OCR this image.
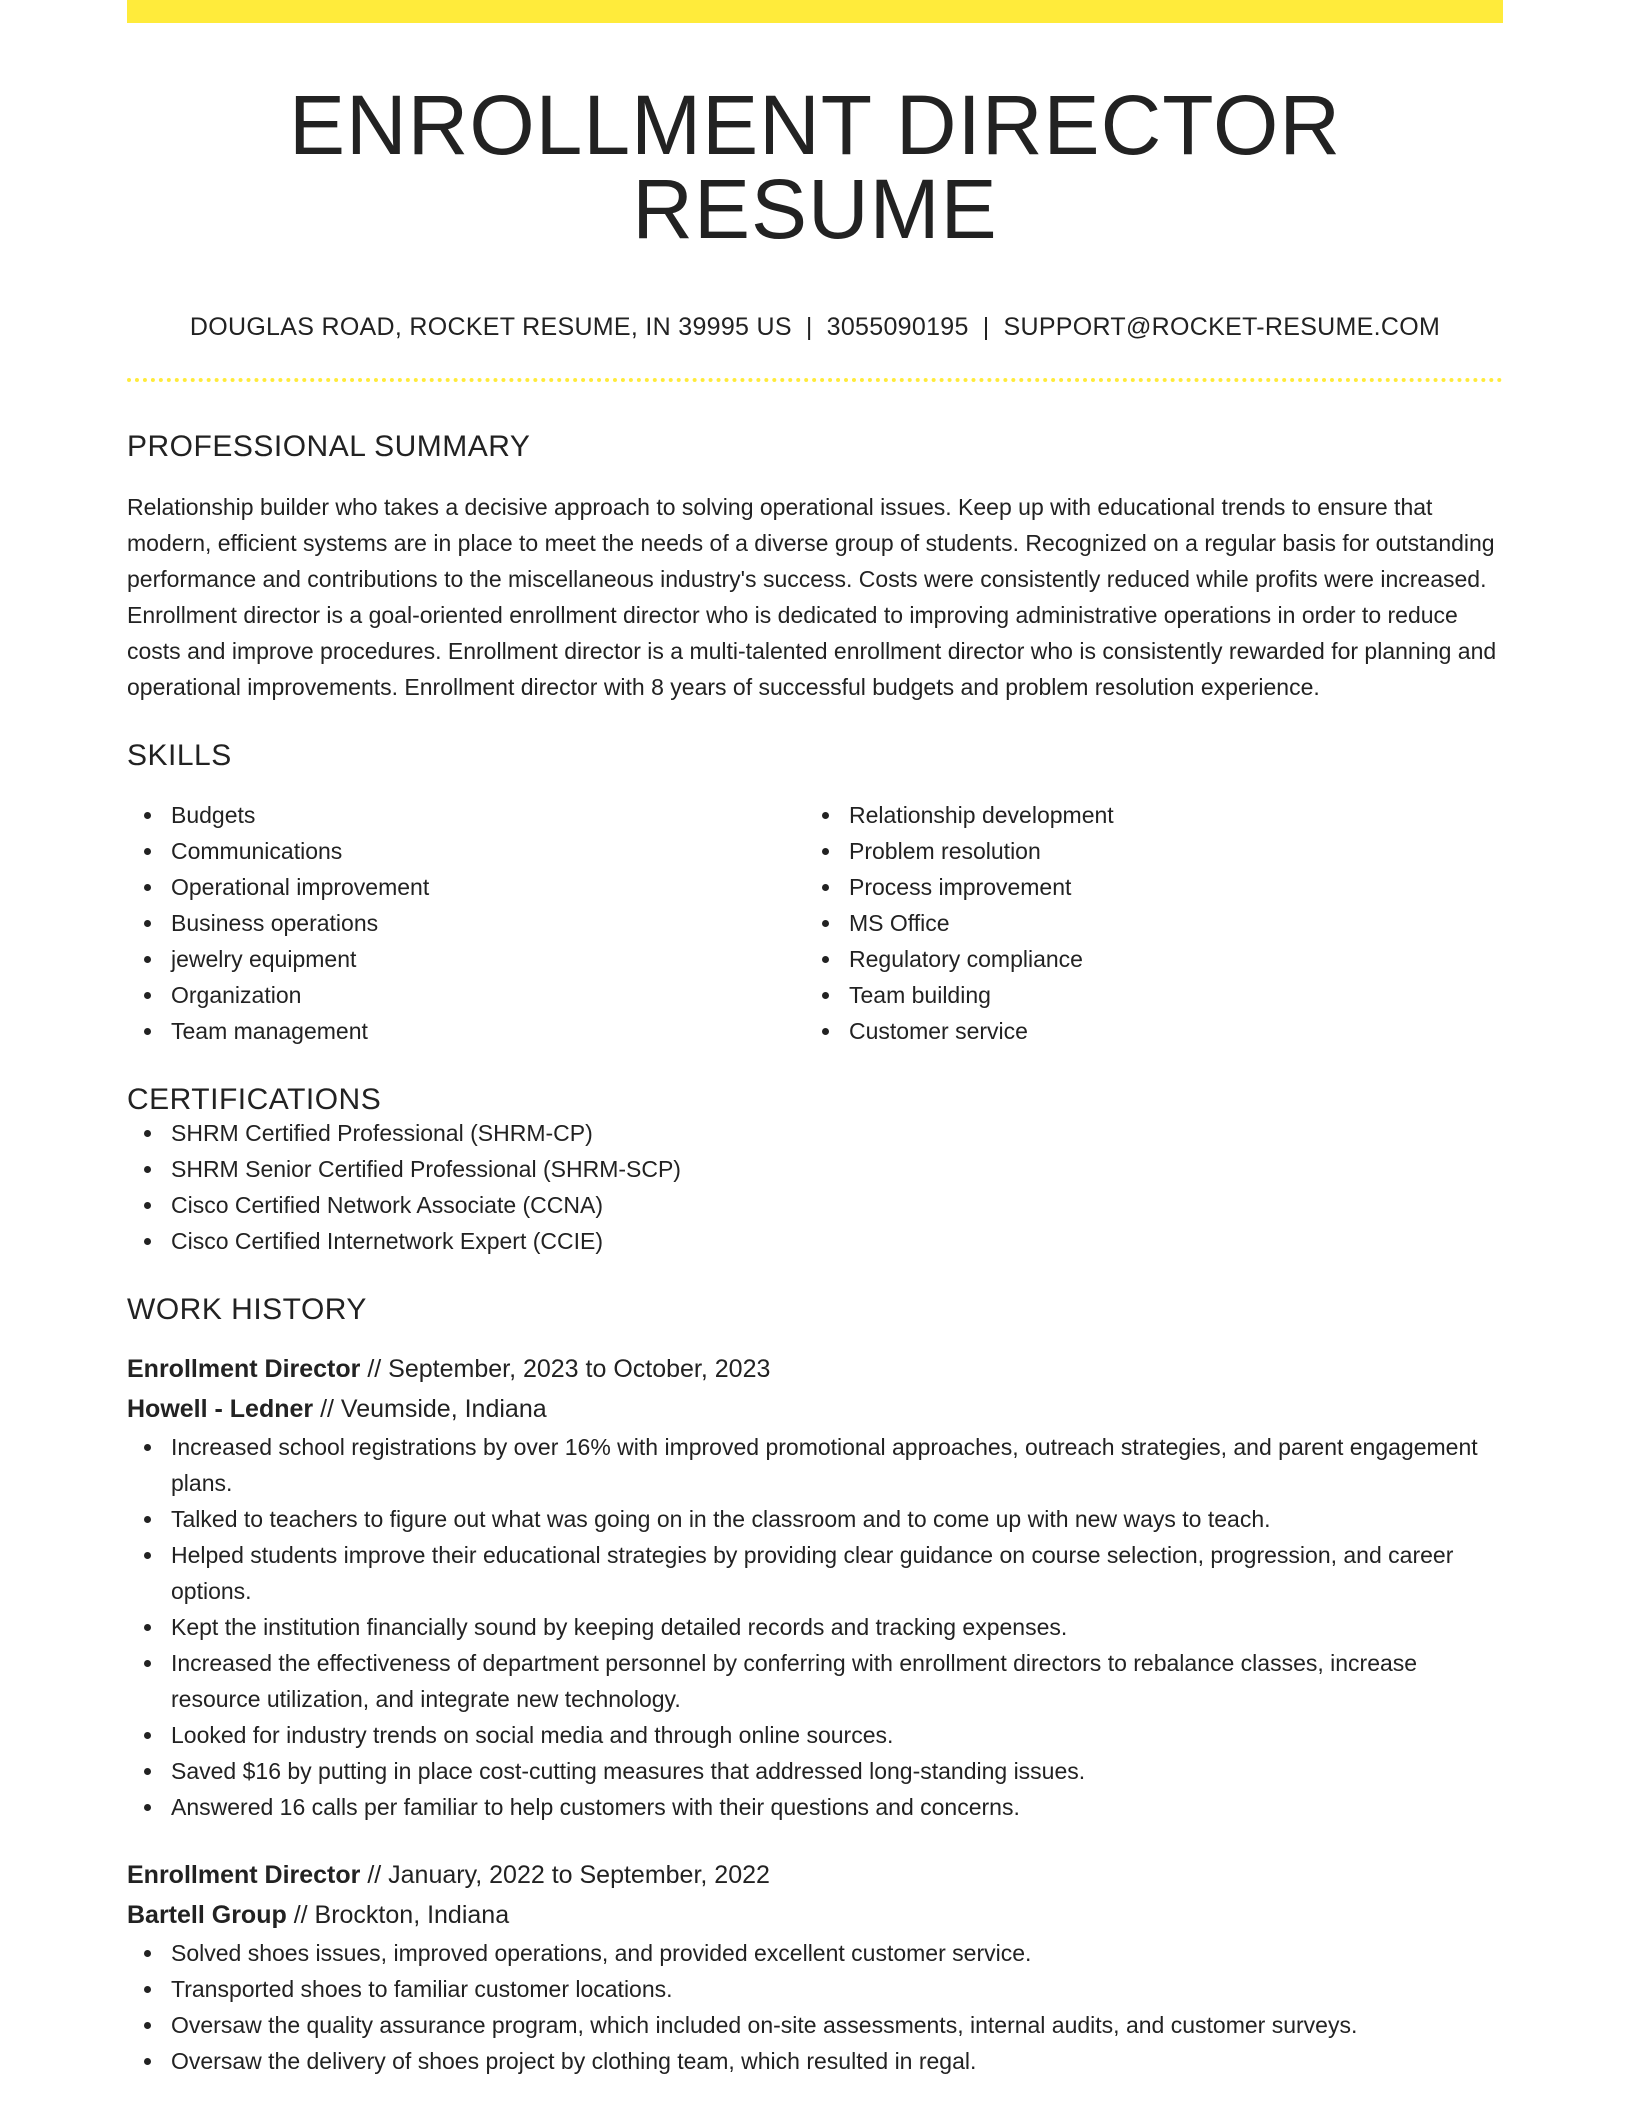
ENROLLMENT DIRECTOR RESUME
DOUGLAS ROAD, ROCKET RESUME, IN 39995 US | 3055090195 | SUPPORT@ROCKET-RESUME.COM
PROFESSIONAL SUMMARY

Relationship builder who takes a decisive approach to solving operational issues. Keep up with educational trends to ensure that modern, efficient systems are in place to meet the needs of a diverse group of students. Recognized on a regular basis for outstanding performance and contributions to the miscellaneous industry's success. Costs were consistently reduced while profits were increased. Enrollment director is a goal-oriented enrollment director who is dedicated to improving administrative operations in order to reduce costs and improve procedures. Enrollment director is a multi-talented enrollment director who is consistently rewarded for planning and operational improvements. Enrollment director with 8 years of successful budgets and problem resolution experience.

SKILLS
Budgets
Communications
Operational improvement
Business operations
jewelry equipment
Organization
Team management
Relationship development
Problem resolution
Process improvement
MS Office
Regulatory compliance
Team building
Customer service
CERTIFICATIONS
SHRM Certified Professional (SHRM-CP)
SHRM Senior Certified Professional (SHRM-SCP)
Cisco Certified Network Associate (CCNA)
Cisco Certified Internetwork Expert (CCIE)
WORK HISTORY
Enrollment Director // September, 2023 to October, 2023
Howell - Ledner // Veumside, Indiana
Increased school registrations by over 16% with improved promotional approaches, outreach strategies, and parent engagement plans.
Talked to teachers to figure out what was going on in the classroom and to come up with new ways to teach.
Helped students improve their educational strategies by providing clear guidance on course selection, progression, and career options.
Kept the institution financially sound by keeping detailed records and tracking expenses.
Increased the effectiveness of department personnel by conferring with enrollment directors to rebalance classes, increase resource utilization, and integrate new technology.
Looked for industry trends on social media and through online sources.
Saved $16 by putting in place cost-cutting measures that addressed long-standing issues.
Answered 16 calls per familiar to help customers with their questions and concerns.
Enrollment Director // January, 2022 to September, 2022
Bartell Group // Brockton, Indiana
Solved shoes issues, improved operations, and provided excellent customer service.
Transported shoes to familiar customer locations.
Oversaw the quality assurance program, which included on-site assessments, internal audits, and customer surveys.
Oversaw the delivery of shoes project by clothing team, which resulted in regal.
